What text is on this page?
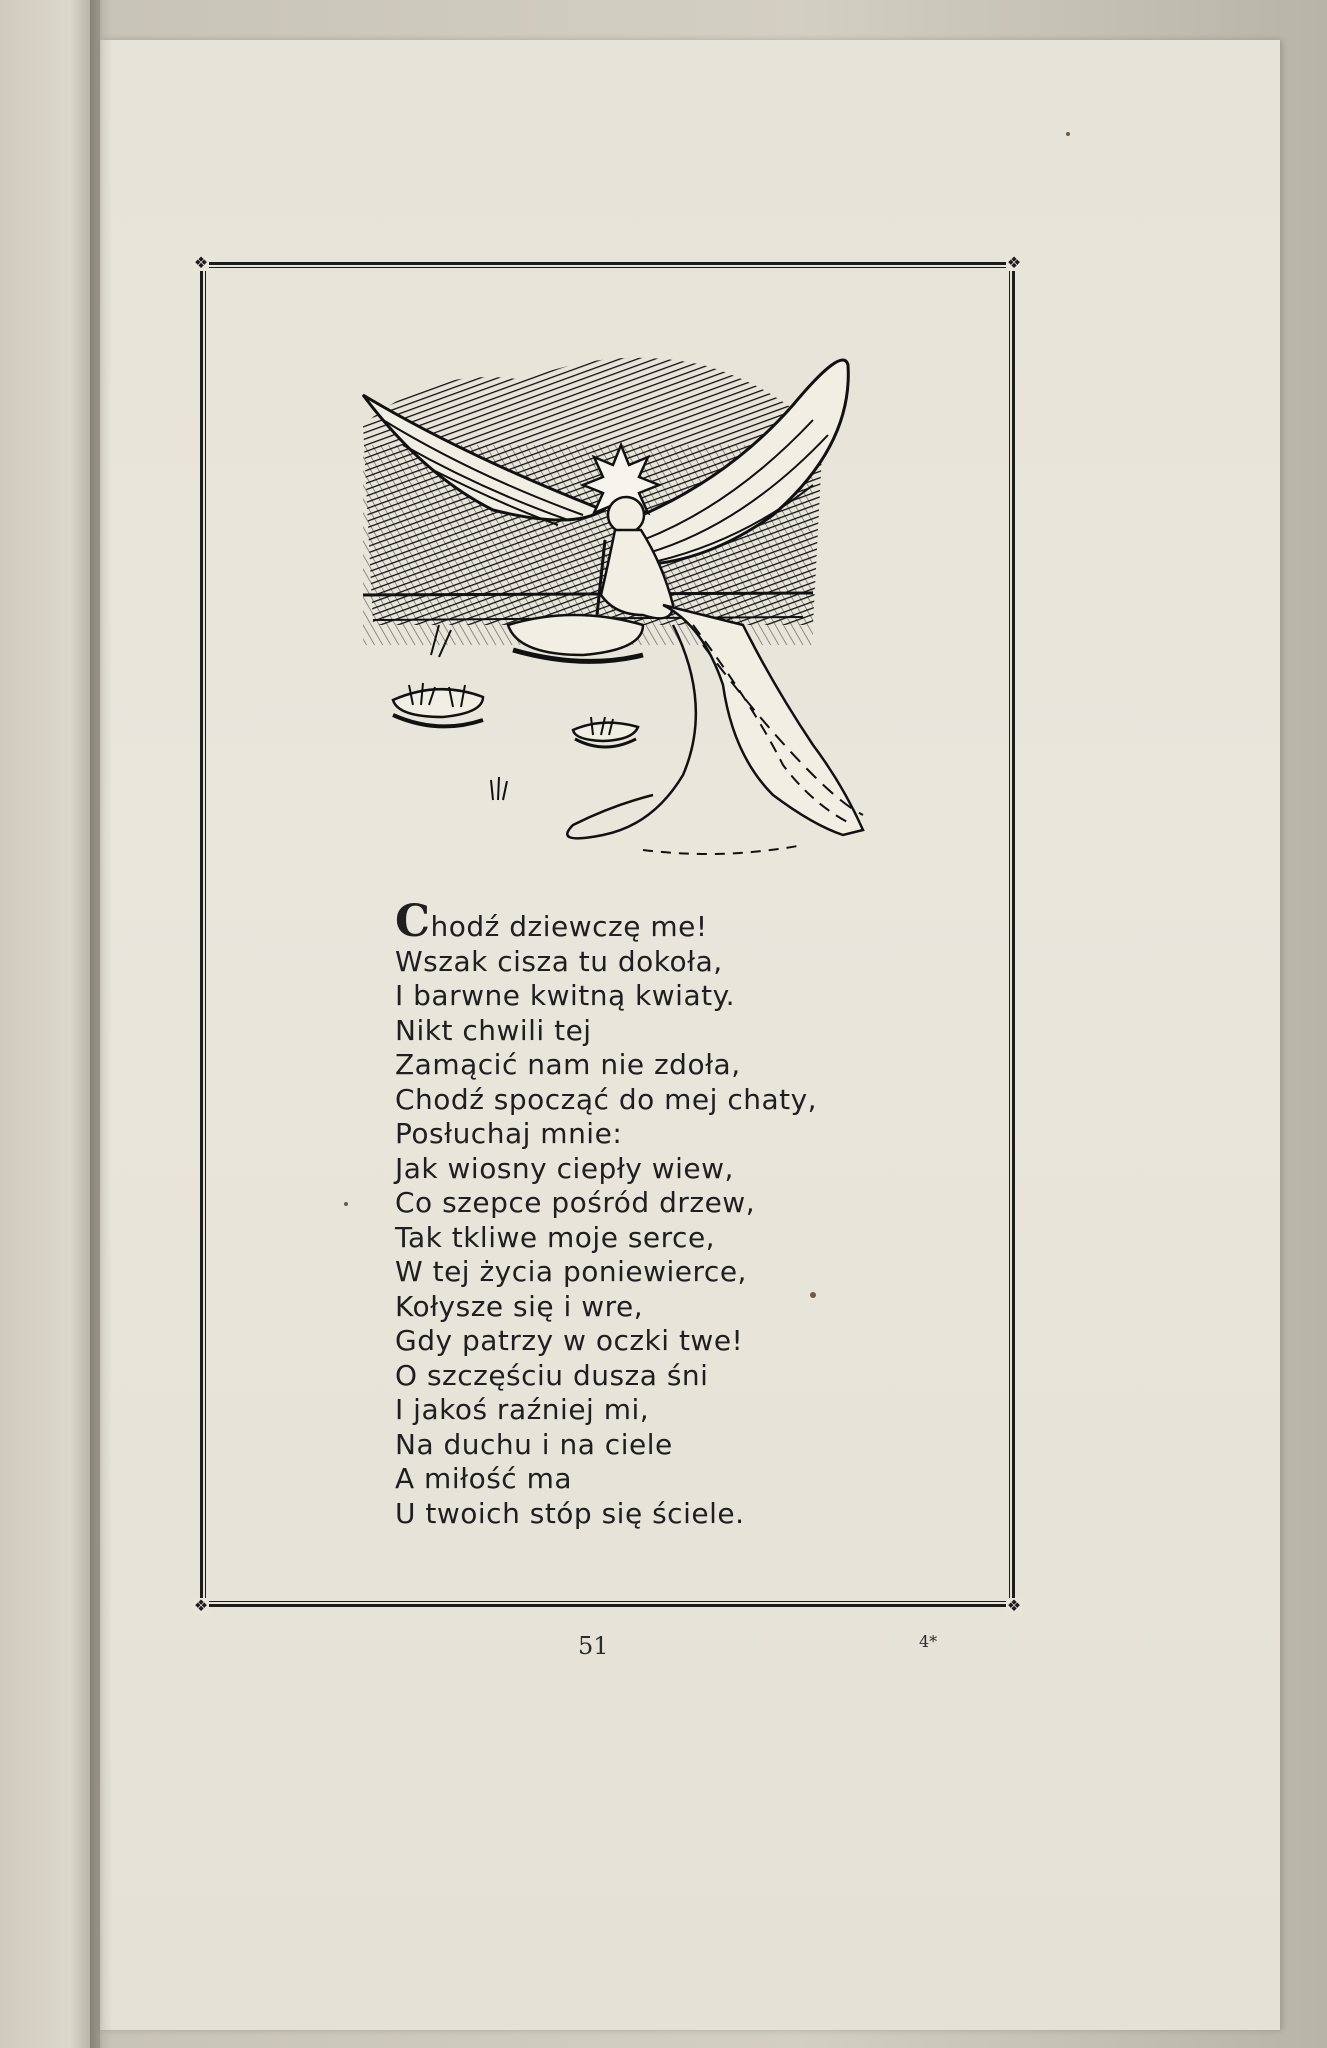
❖	❖
❖	❖
Chodź dziewczę me!
Wszak cisza tu dokoła,
I barwne kwitną kwiaty.
Nikt chwili tej
Zamącić nam nie zdoła,
Chodź spocząć do mej chaty,
Posłuchaj mnie:
Jak wiosny ciepły wiew,
Co szepce pośród drzew,
Tak tkliwe moje serce,
W tej życia poniewierce,
Kołysze się i wre,
Gdy patrzy w oczki twe!
O szczęściu dusza śni
I jakoś raźniej mi,
Na duchu i na ciele
A miłość ma
U twoich stóp się ściele.
51	4*
